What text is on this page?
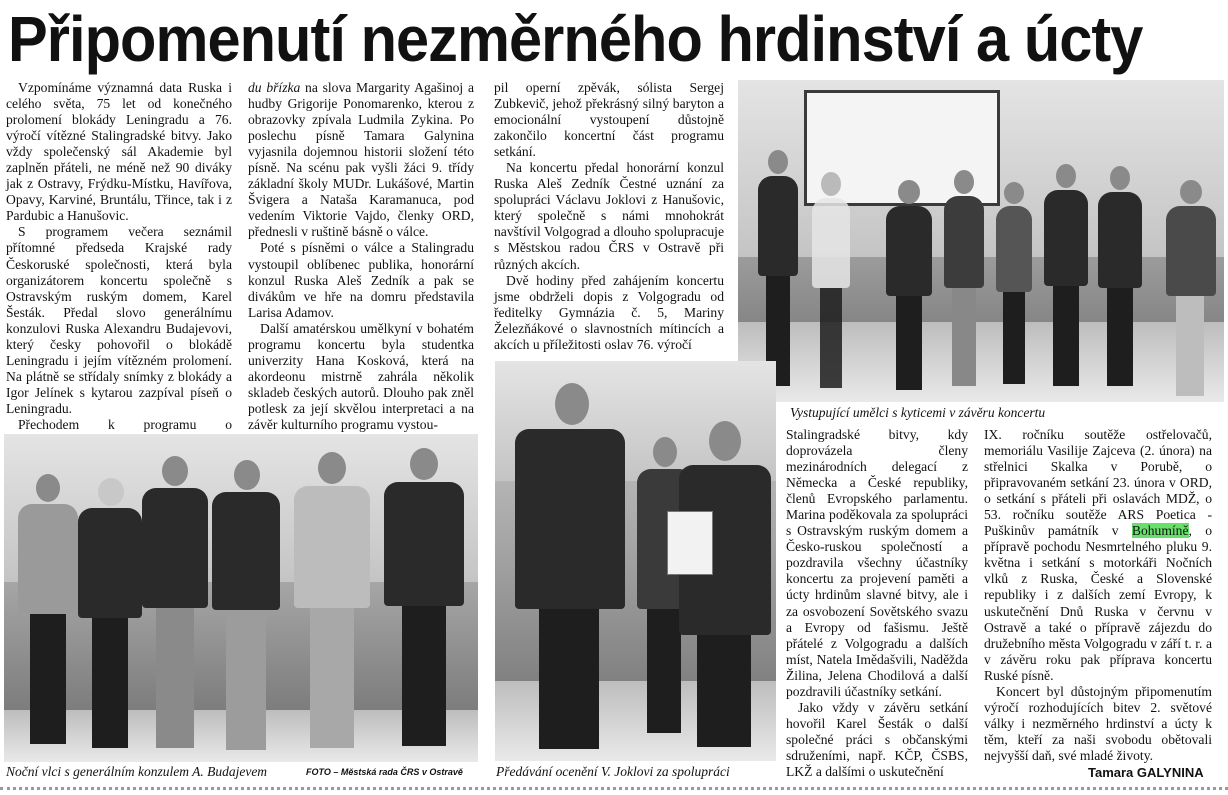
Připomenutí nezměrného hrdinství a úcty

Vzpomínáme významná data Ruska i celého světa, 75 let od konečného prolomení blokády Leningradu a 76. výročí vítězné Stalingradské bitvy. Jako vždy společenský sál Akademie byl zaplněn přáteli, ne méně než 90 diváky jak z Ostravy, Frýdku-Místku, Havířova, Opavy, Karviné, Bruntálu, Třince, tak i z Pardubic a Hanušovic.

S programem večera seznámil přítomné předseda Krajské rady Českoruské společnosti, která byla organizátorem koncertu společně s Ostravským ruským domem, Karel Šesták. Předal slovo generálnímu konzulovi Ruska Alexandru Budajevovi, který česky pohovořil o blokádě Leningradu i jejím vítězném prolomení. Na plátně se střídaly snímky z blokády a Igor Jelínek s kytarou zazpíval píseň o Leningradu.

Přechodem k programu o

du břízka na slova Margarity Agašinoj a hudby Grigorije Ponomarenko, kterou z obrazovky zpívala Ludmila Zykina. Po poslechu písně Tamara Galynina vyjasnila dojemnou historii složení této písně. Na scénu pak vyšli žáci 9. třídy základní školy MUDr. Lukášové, Martin Švigera a Nataša Karamanuca, pod vedením Viktorie Vajdo, členky ORD, přednesli v ruštině básně o válce.

Poté s písněmi o válce a Stalingradu vystoupil oblíbenec publika, honorární konzul Ruska Aleš Zedník a pak se divákům ve hře na domru představila Larisa Adamov.

Další amatérskou umělkyní v bohatém programu koncertu byla studentka univerzity Hana Kosková, která na akordeonu mistrně zahrála několik skladeb českých autorů. Dlouho pak zněl potlesk za její skvělou interpretaci a na závěr kulturního programu vystou-

pil operní zpěvák, sólista Sergej Zubkevič, jehož překrásný silný baryton a emocionální vystoupení důstojně zakončilo koncertní část programu setkání.

Na koncertu předal honorární konzul Ruska Aleš Zedník Čestné uznání za spolupráci Václavu Joklovi z Hanušovic, který společně s námi mnohokrát navštívil Volgograd a dlouho spolupracuje s Městskou radou ČRS v Ostravě při různých akcích.

Dvě hodiny před zahájením koncertu jsme obdrželi dopis z Volgogradu od ředitelky Gymnázia č. 5, Mariny Železňákové o slavnostních mítincích a akcích u příležitosti oslav 76. výročí

Vystupující umělci s kyticemi v závěru koncertu
Noční vlci s generálním konzulem A. Budajevem	FOTO – Městská rada ČRS v Ostravě Předávání ocenění V. Joklovi za spolupráci

Stalingradské bitvy, kdy doprovázela členy mezinárodních delegací z Německa a České republiky, členů Evropského parlamentu. Marina poděkovala za spolupráci s Ostravským ruským domem a Česko-ruskou společností a pozdravila všechny účastníky koncertu za projevení paměti a úcty hrdinům slavné bitvy, ale i za osvobození Sovětského svazu a Evropy od fašismu. Ještě přátelé z Volgogradu a dalších míst, Natela Imědašvili, Naděžda Žilina, Jelena Chodilová a další pozdravili účastníky setkání.

Jako vždy v závěru setkání hovořil Karel Šesták o další společné práci s občanskými sdruženími, např. KČP, ČSBS, LKŽ a dalšími o uskutečnění

IX. ročníku soutěže ostřelovačů, memoriálu Vasilije Zajceva (2. února) na střelnici Skalka v Porubě, o připravovaném setkání 23. února v ORD, o setkání s přáteli při oslavách MDŽ, o 53. ročníku soutěže ARS Poetica - Puškinův památník v Bohumíně, o přípravě pochodu Nesmrtelného pluku 9. května i setkání s motorkáři Nočních vlků z Ruska, České a Slovenské republiky i z dalších zemí Evropy, k uskutečnění Dnů Ruska v červnu v Ostravě a také o přípravě zájezdu do družebního města Volgogradu v září t. r. a v závěru roku pak příprava koncertu Ruské písně.

Koncert byl důstojným připomenutím výročí rozhodujících bitev 2. světové války i nezměrného hrdinství a úcty k těm, kteří za naši svobodu obětovali nejvyšší daň, své mladé životy.

Tamara GALYNINA
